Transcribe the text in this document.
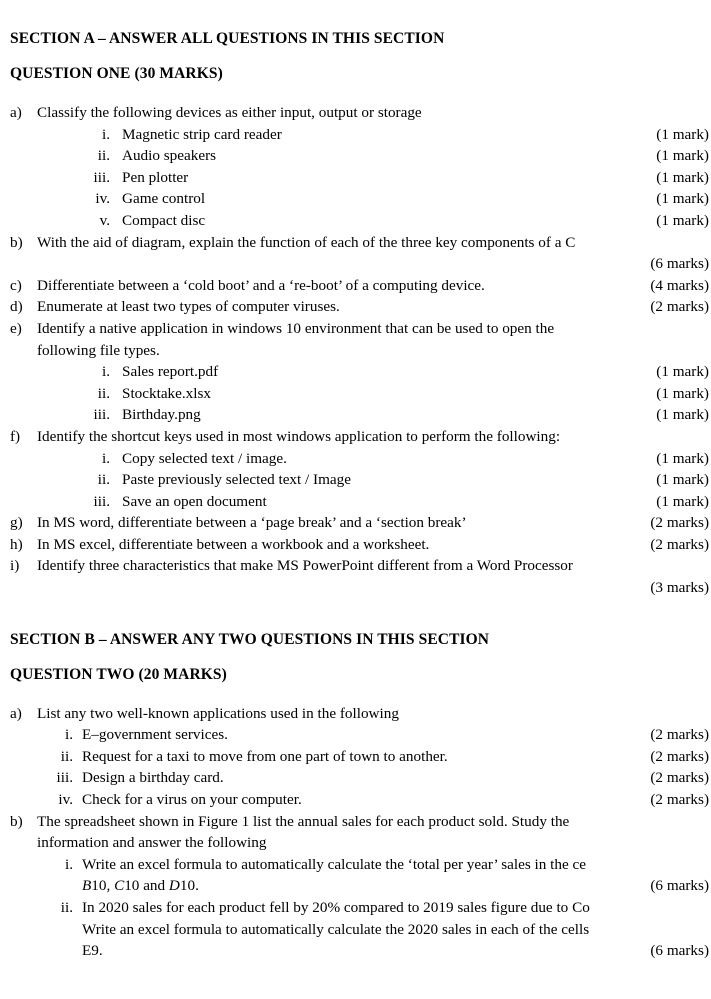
SECTION A – ANSWER ALL QUESTIONS IN THIS SECTION
QUESTION ONE (30 MARKS)
a) Classify the following devices as either input, output or storage
i. Magnetic strip card reader	(1 mark)
ii. Audio speakers	(1 mark)
iii. Pen plotter	(1 mark)
iv. Game control	(1 mark)
v. Compact disc	(1 mark)
b) With the aid of diagram, explain the function of each of the three key components of a C
(6 marks)
c) Differentiate between a ‘cold boot’ and a ‘re-boot’ of a computing device.	(4 marks)
d) Enumerate at least two types of computer viruses.	(2 marks)
e) Identify a native application in windows 10 environment that can be used to open the
following file types.
i. Sales report.pdf	(1 mark)
ii. Stocktake.xlsx	(1 mark)
iii. Birthday.png	(1 mark)
f)	Identify the shortcut keys used in most windows application to perform the following:
i. Copy selected text / image.	(1 mark)
ii. Paste previously selected text / Image	(1 mark)
iii. Save an open document	(1 mark)
g) In MS word, differentiate between a ‘page break’ and a ‘section break’	(2 marks)
h) In MS excel, differentiate between a workbook and a worksheet.	(2 marks)
i)	Identify three characteristics that make MS PowerPoint different from a Word Processor
(3 marks)
SECTION B – ANSWER ANY TWO QUESTIONS IN THIS SECTION
QUESTION TWO (20 MARKS)
a) List any two well-known applications used in the following
i. E–government services.	(2 marks)
ii. Request for a taxi to move from one part of town to another.	(2 marks)
iii. Design a birthday card.	(2 marks)
iv. Check for a virus on your computer.	(2 marks)
b) The spreadsheet shown in Figure 1 list the annual sales for each product sold. Study the
information and answer the following
i. Write an excel formula to automatically calculate the ‘total per year’ sales in the ce
B10, C10 and D10.	(6 marks)
ii. In 2020 sales for each product fell by 20% compared to 2019 sales figure due to Co
Write an excel formula to automatically calculate the 2020 sales in each of the cells
E9.	(6 marks)
